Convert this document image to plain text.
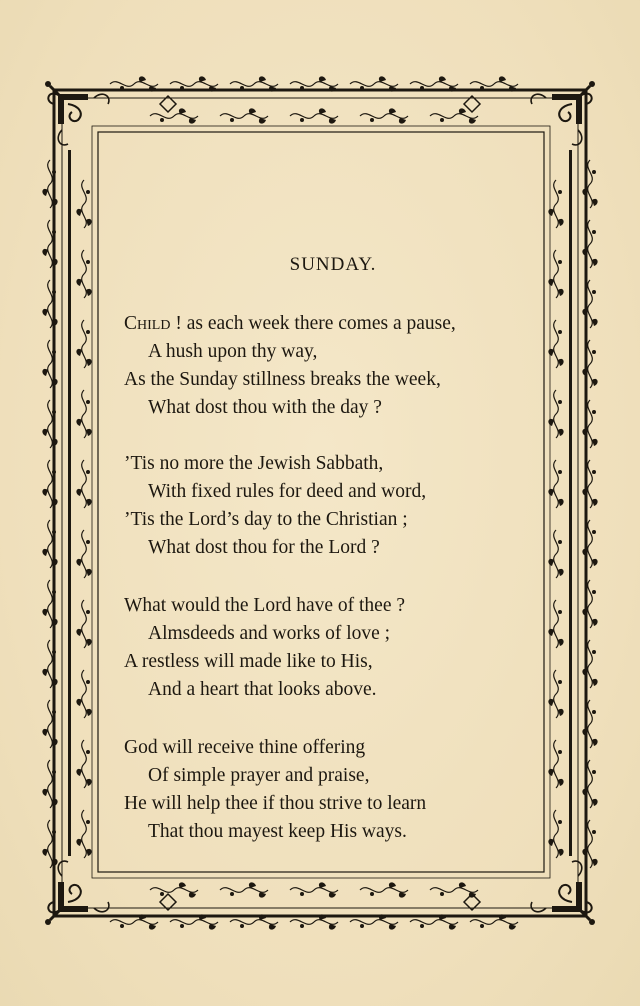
SUNDAY.
Child ! as each week there comes a pause,
A hush upon thy way,
As the Sunday stillness breaks the week,
What dost thou with the day ?
’Tis no more the Jewish Sabbath,
With fixed rules for deed and word,
’Tis the Lord’s day to the Christian ;
What dost thou for the Lord ?
What would the Lord have of thee ?
Almsdeeds and works of love ;
A restless will made like to His,
And a heart that looks above.
God will receive thine offering
Of simple prayer and praise,
He will help thee if thou strive to learn
That thou mayest keep His ways.
